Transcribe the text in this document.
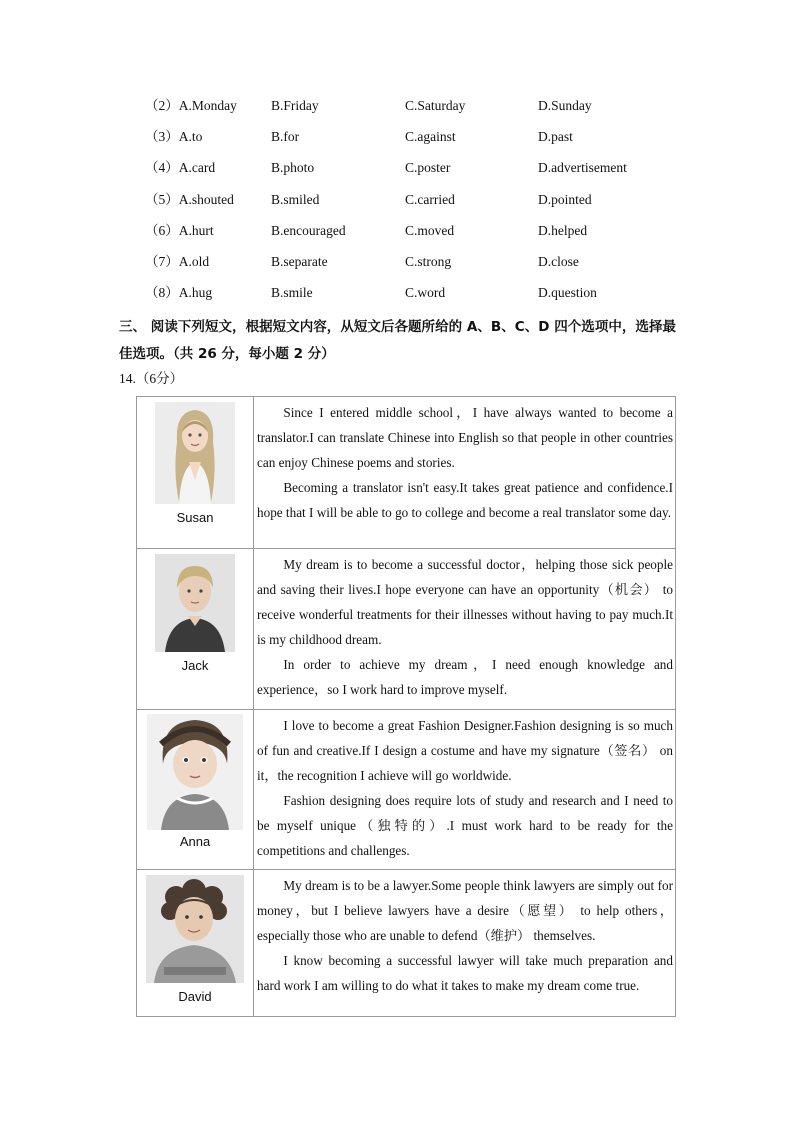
（2）A.Monday	B.Friday	C.Saturday	D.Sunday
（3）A.to	B.for	C.against	D.past
（4）A.card	B.photo	C.poster	D.advertisement
（5）A.shouted	B.smiled	C.carried	D.pointed
（6）A.hurt	B.encouraged	C.moved	D.helped
（7）A.old	B.separate	C.strong	D.close
（8）A.hug	B.smile	C.word	D.question
三、 阅读下列短文，根据短文内容，从短文后各题所给的 A、B、C、D 四个选项中，选择最佳选项。（共 26 分，每小题 2 分）
14.（6分）
Susan	Since I entered middle school，I have always wanted to become a translator.I can translate Chinese into English so that people in other countries can enjoy Chinese poems and stories.

Becoming a translator isn't easy.It takes great patience and confidence.I hope that I will be able to go to college and become a real translator some day.

Jack	My dream is to become a successful doctor，helping those sick people and saving their lives.I hope everyone can have an opportunity（机会） to receive wonderful treatments for their illnesses without having to pay much.It is my childhood dream.

In order to achieve my dream，I need enough knowledge and experience，so I work hard to improve myself.

Anna	I love to become a great Fashion Designer.Fashion designing is so much of fun and creative.If I design a costume and have my signature（签名） on it，the recognition I achieve will go worldwide.

Fashion designing does require lots of study and research and I need to be myself unique（独特的）.I must work hard to be ready for the competitions and challenges.

David	My dream is to be a lawyer.Some people think lawyers are simply out for money，but I believe lawyers have a desire（愿望） to help others，especially those who are unable to defend（维护） themselves.

I know becoming a successful lawyer will take much preparation and hard work I am willing to do what it takes to make my dream come true.
